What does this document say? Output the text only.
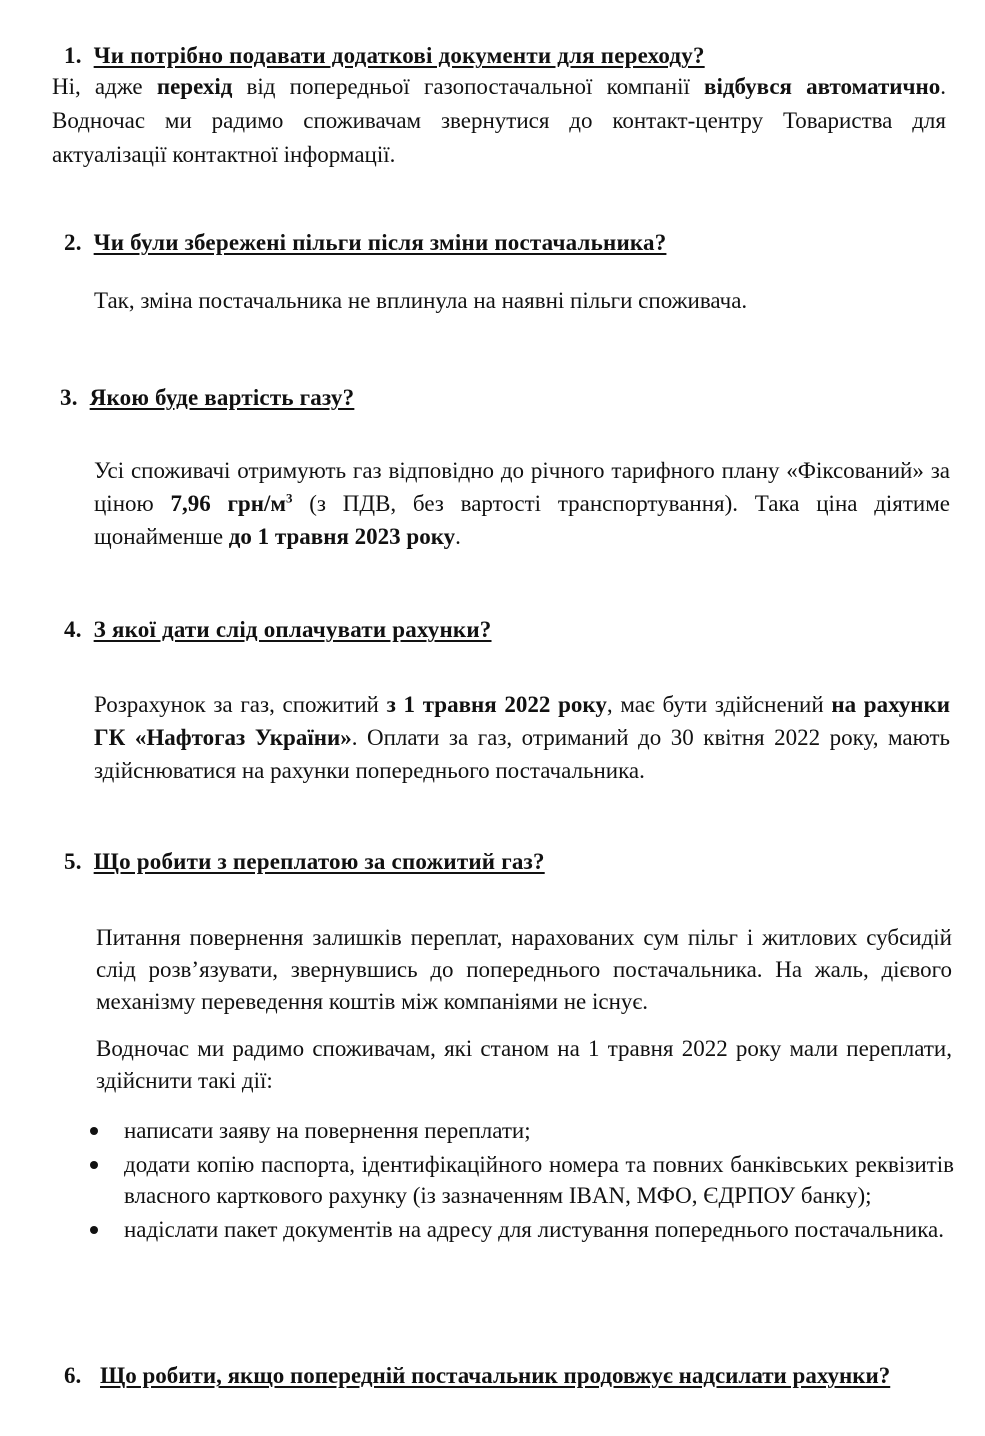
1. Чи потрібно подавати додаткові документи для переходу?
Ні, адже перехід від попередньої газопостачальної компанії відбувся автоматично. Водночас ми радимо споживачам звернутися до контакт-центру Товариства для актуалізації контактної інформації.
2. Чи були збережені пільги після зміни постачальника?
Так, зміна постачальника не вплинула на наявні пільги споживача.
3. Якою буде вартість газу?
Усі споживачі отримують газ відповідно до річного тарифного плану «Фіксований» за ціною 7,96 грн/$м^3$ (з ПДВ, без вартості транспортування). Така ціна діятиме щонайменше до 1 травня 2023 року.
4. З якої дати слід оплачувати рахунки?
Розрахунок за газ, спожитий з 1 травня 2022 року, має бути здійснений на рахунки ГК «Нафтогаз України». Оплати за газ, отриманий до 30 квітня 2022 року, мають здійснюватися на рахунки попереднього постачальника.
5. Що робити з переплатою за спожитий газ?
Питання повернення залишків переплат, нарахованих сум пільг і житлових субсидій слід розв’язувати, звернувшись до попереднього постачальника. На жаль, дієвого механізму переведення коштів між компаніями не існує.
Водночас ми радимо споживачам, які станом на 1 травня 2022 року мали переплати, здійснити такі дії:
написати заяву на повернення переплати;
додати копію паспорта, ідентифікаційного номера та повних банківських реквізитів власного карткового рахунку (із зазначенням IBAN, МФО, ЄДРПОУ банку);
надіслати пакет документів на адресу для листування попереднього постачальника.
6. Що робити, якщо попередній постачальник продовжує надсилати рахунки?
